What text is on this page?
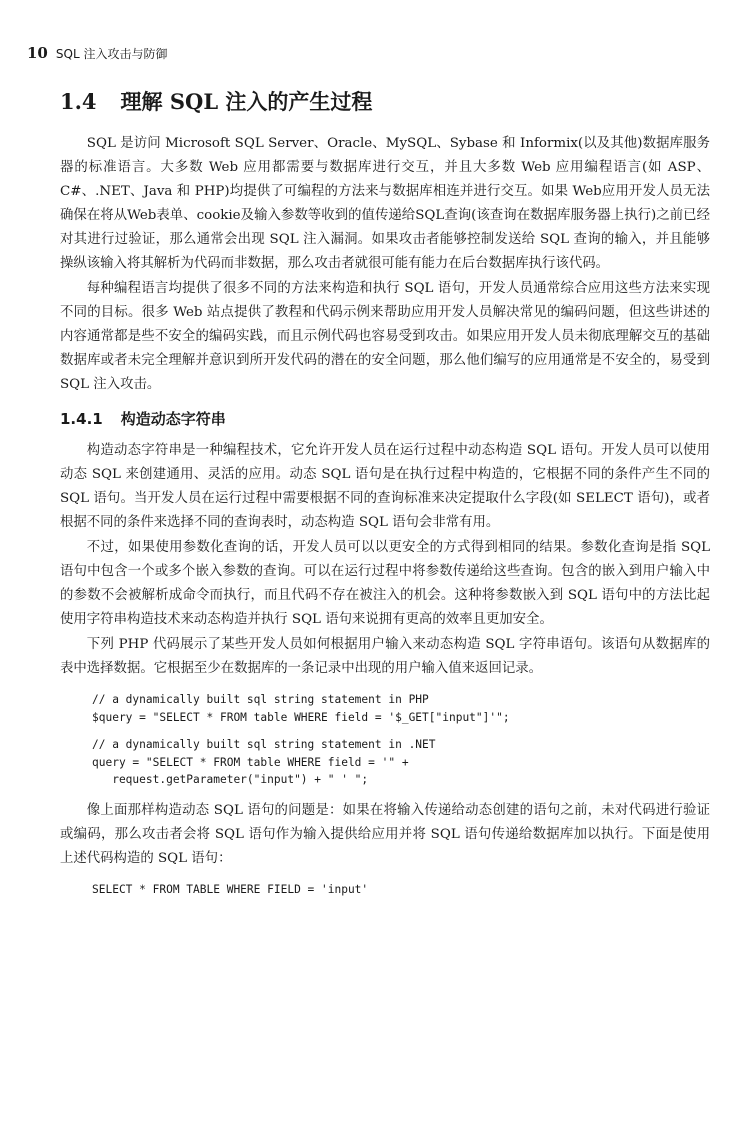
10 SQL 注入攻击与防御
1.4 理解 SQL 注入的产生过程

SQL 是访问 Microsoft SQL Server、Oracle、MySQL、Sybase 和 Informix(以及其他)数据库服务器的标准语言。大多数 Web 应用都需要与数据库进行交互，并且大多数 Web 应用编程语言(如 ASP、C#、.NET、Java 和 PHP)均提供了可编程的方法来与数据库相连并进行交互。如果 Web应用开发人员无法确保在将从Web表单、cookie及输入参数等收到的值传递给SQL查询(该查询在数据库服务器上执行)之前已经对其进行过验证，那么通常会出现 SQL 注入漏洞。如果攻击者能够控制发送给 SQL 查询的输入，并且能够操纵该输入将其解析为代码而非数据，那么攻击者就很可能有能力在后台数据库执行该代码。

每种编程语言均提供了很多不同的方法来构造和执行 SQL 语句，开发人员通常综合应用这些方法来实现不同的目标。很多 Web 站点提供了教程和代码示例来帮助应用开发人员解决常见的编码问题，但这些讲述的内容通常都是些不安全的编码实践，而且示例代码也容易受到攻击。如果应用开发人员未彻底理解交互的基础数据库或者未完全理解并意识到所开发代码的潜在的安全问题，那么他们编写的应用通常是不安全的，易受到 SQL 注入攻击。

1.4.1 构造动态字符串

构造动态字符串是一种编程技术，它允许开发人员在运行过程中动态构造 SQL 语句。开发人员可以使用动态 SQL 来创建通用、灵活的应用。动态 SQL 语句是在执行过程中构造的，它根据不同的条件产生不同的 SQL 语句。当开发人员在运行过程中需要根据不同的查询标准来决定提取什么字段(如 SELECT 语句)，或者根据不同的条件来选择不同的查询表时，动态构造 SQL 语句会非常有用。

不过，如果使用参数化查询的话，开发人员可以以更安全的方式得到相同的结果。参数化查询是指 SQL 语句中包含一个或多个嵌入参数的查询。可以在运行过程中将参数传递给这些查询。包含的嵌入到用户输入中的参数不会被解析成命令而执行，而且代码不存在被注入的机会。这种将参数嵌入到 SQL 语句中的方法比起使用字符串构造技术来动态构造并执行 SQL 语句来说拥有更高的效率且更加安全。

下列 PHP 代码展示了某些开发人员如何根据用户输入来动态构造 SQL 字符串语句。该语句从数据库的表中选择数据。它根据至少在数据库的一条记录中出现的用户输入值来返回记录。

// a dynamically built sql string statement in PHP
$query = "SELECT * FROM table WHERE field = '$_GET["input"]'";
// a dynamically built sql string statement in .NET
query = "SELECT * FROM table WHERE field = '" +
request.getParameter("input") + " ' ";

像上面那样构造动态 SQL 语句的问题是：如果在将输入传递给动态创建的语句之前，未对代码进行验证或编码，那么攻击者会将 SQL 语句作为输入提供给应用并将 SQL 语句传递给数据库加以执行。下面是使用上述代码构造的 SQL 语句：

SELECT * FROM TABLE WHERE FIELD = 'input'
